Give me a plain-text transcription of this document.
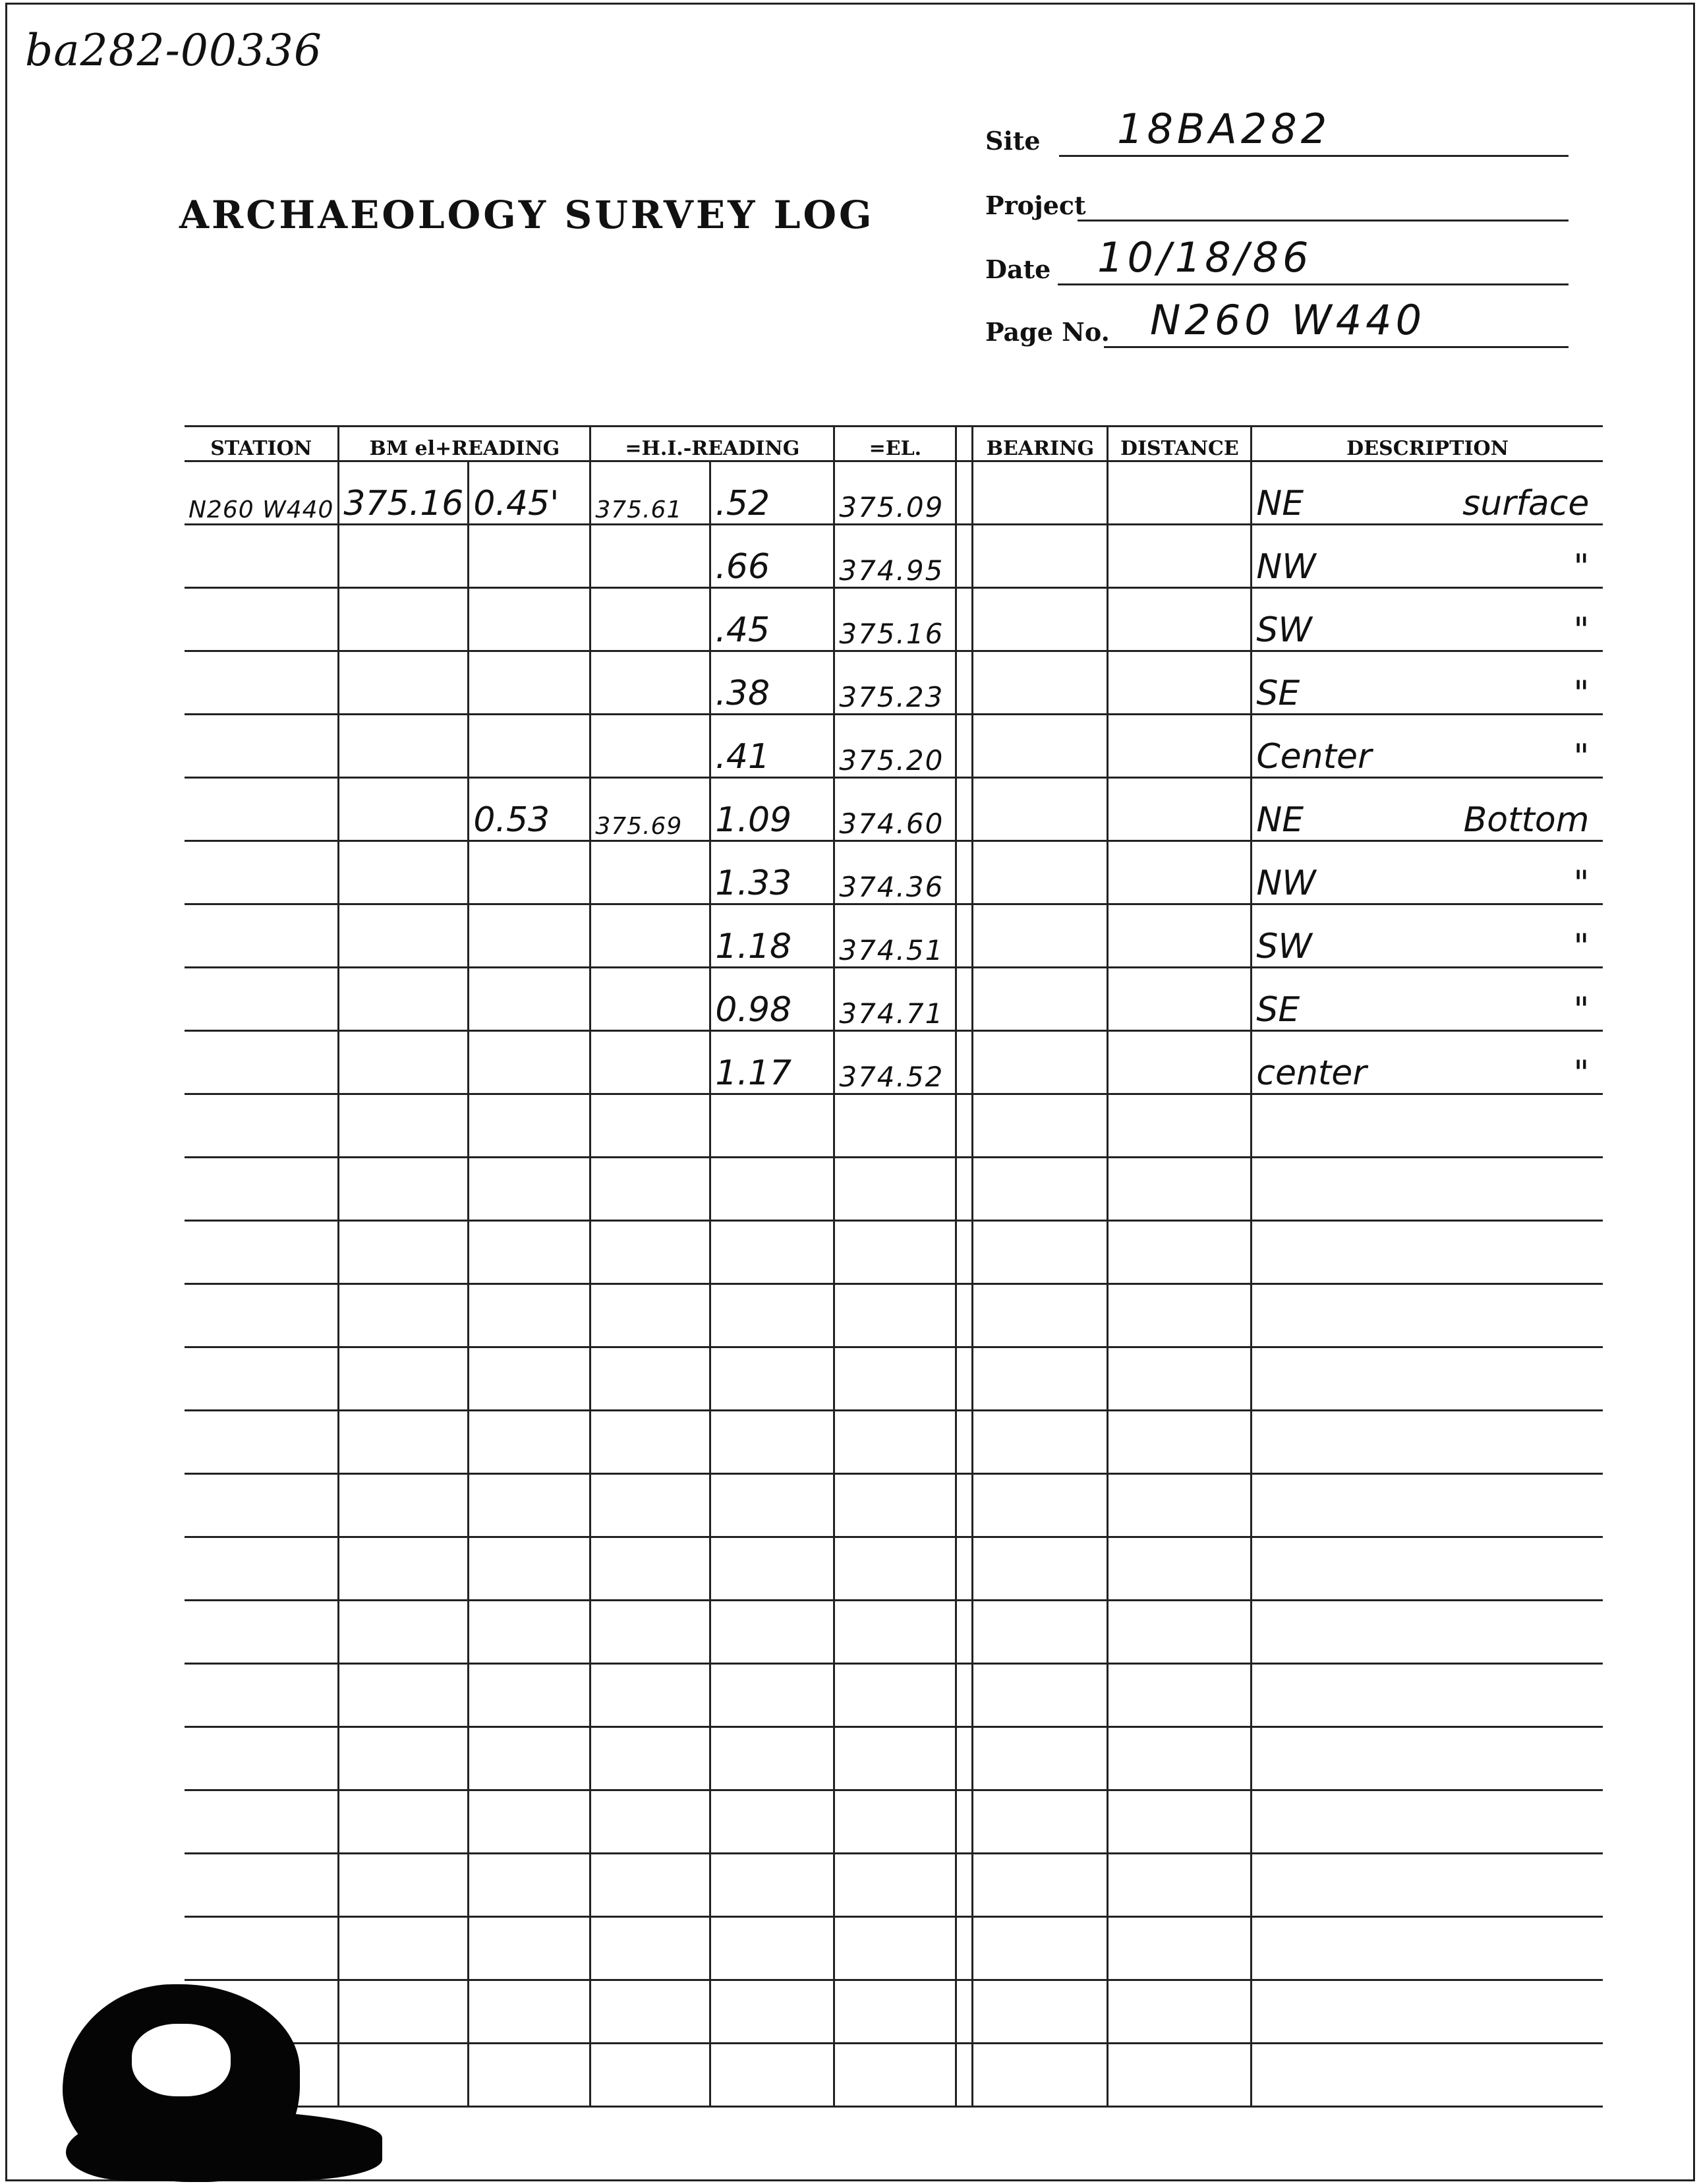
ba282-00336
ARCHAEOLOGY SURVEY LOG
Site 18BA282
Project
Date 10/18/86
Page No. N260 W440
STATION	BM el+READING		=H.I.-READING		=EL.		BEARING	DISTANCE	DESCRIPTION
N260 W440	375.16	0.45'	375.61	.52	375.09				NE surface
				.66	374.95				NW "
				.45	375.16				SW "
				.38	375.23				SE "
				.41	375.20				Center "
		0.53	375.69	1.09	374.60				NE Bottom
				1.33	374.36				NW "
				1.18	374.51				SW "
				0.98	374.71				SE "
				1.17	374.52				center "
